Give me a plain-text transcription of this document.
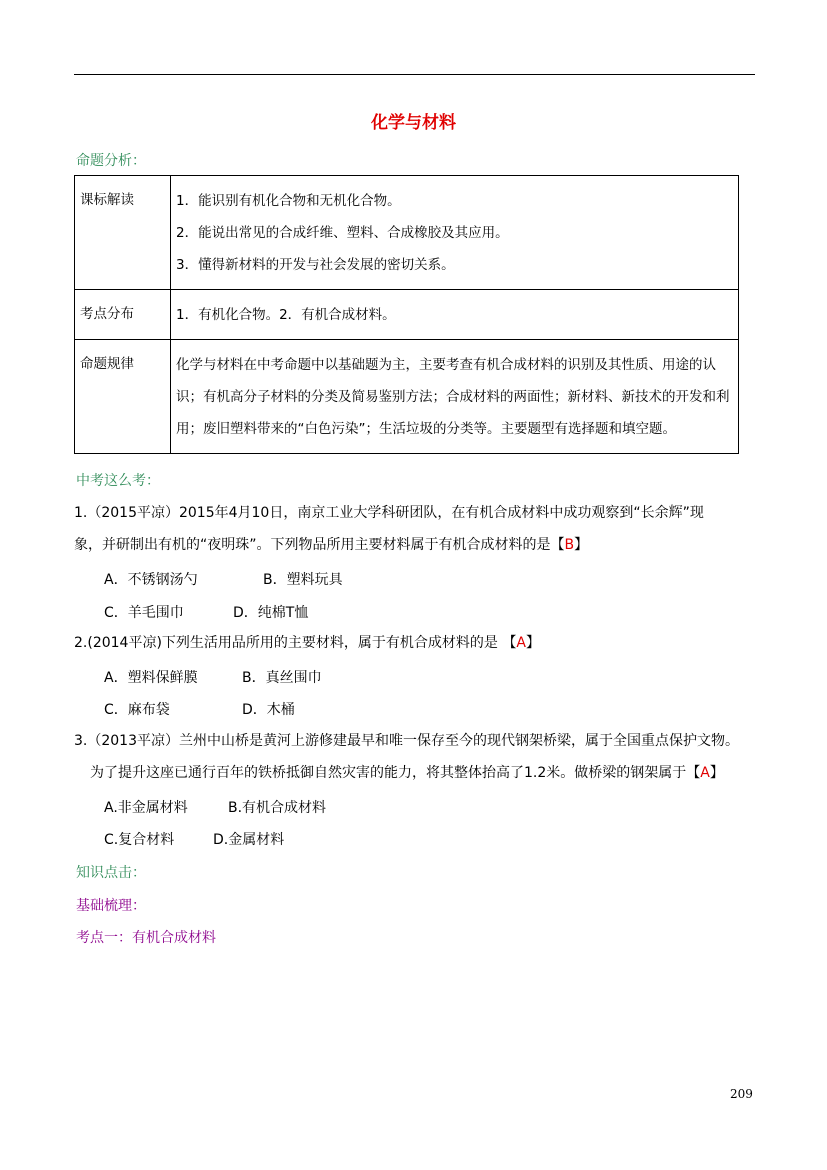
化学与材料
命题分析：
课标解读	1．能识别有机化合物和无机化合物。
2．能说出常见的合成纤维、塑料、合成橡胶及其应用。
3．懂得新材料的开发与社会发展的密切关系。

考点分布	1．有机化合物。2．有机合成材料。
命题规律	化学与材料在中考命题中以基础题为主，主要考查有机合成材料的识别及其性质、用途的认识；有机高分子材料的分类及简易鉴别方法；合成材料的两面性；新材料、新技术的开发和利用；废旧塑料带来的“白色污染”；生活垃圾的分类等。主要题型有选择题和填空题。
中考这么考：
1.（2015平凉）2015年4月10日，南京工业大学科研团队，在有机合成材料中成功观察到“长余辉”现
象，并研制出有机的“夜明珠”。下列物品所用主要材料属于有机合成材料的是【B】
A．不锈钢汤勺	B．塑料玩具
C．羊毛围巾	D．纯棉T恤
2.(2014平凉)下列生活用品所用的主要材料，属于有机合成材料的是 【A】
A．塑料保鲜膜	B．真丝围巾
C．麻布袋	D．木桶
3.（2013平凉）兰州中山桥是黄河上游修建最早和唯一保存至今的现代钢架桥梁，属于全国重点保护文物。
为了提升这座已通行百年的铁桥抵御自然灾害的能力，将其整体抬高了1.2米。做桥梁的钢架属于【A】
A.非金属材料	B.有机合成材料
C.复合材料	D.金属材料
知识点击：
基础梳理：
考点一：有机合成材料
209
